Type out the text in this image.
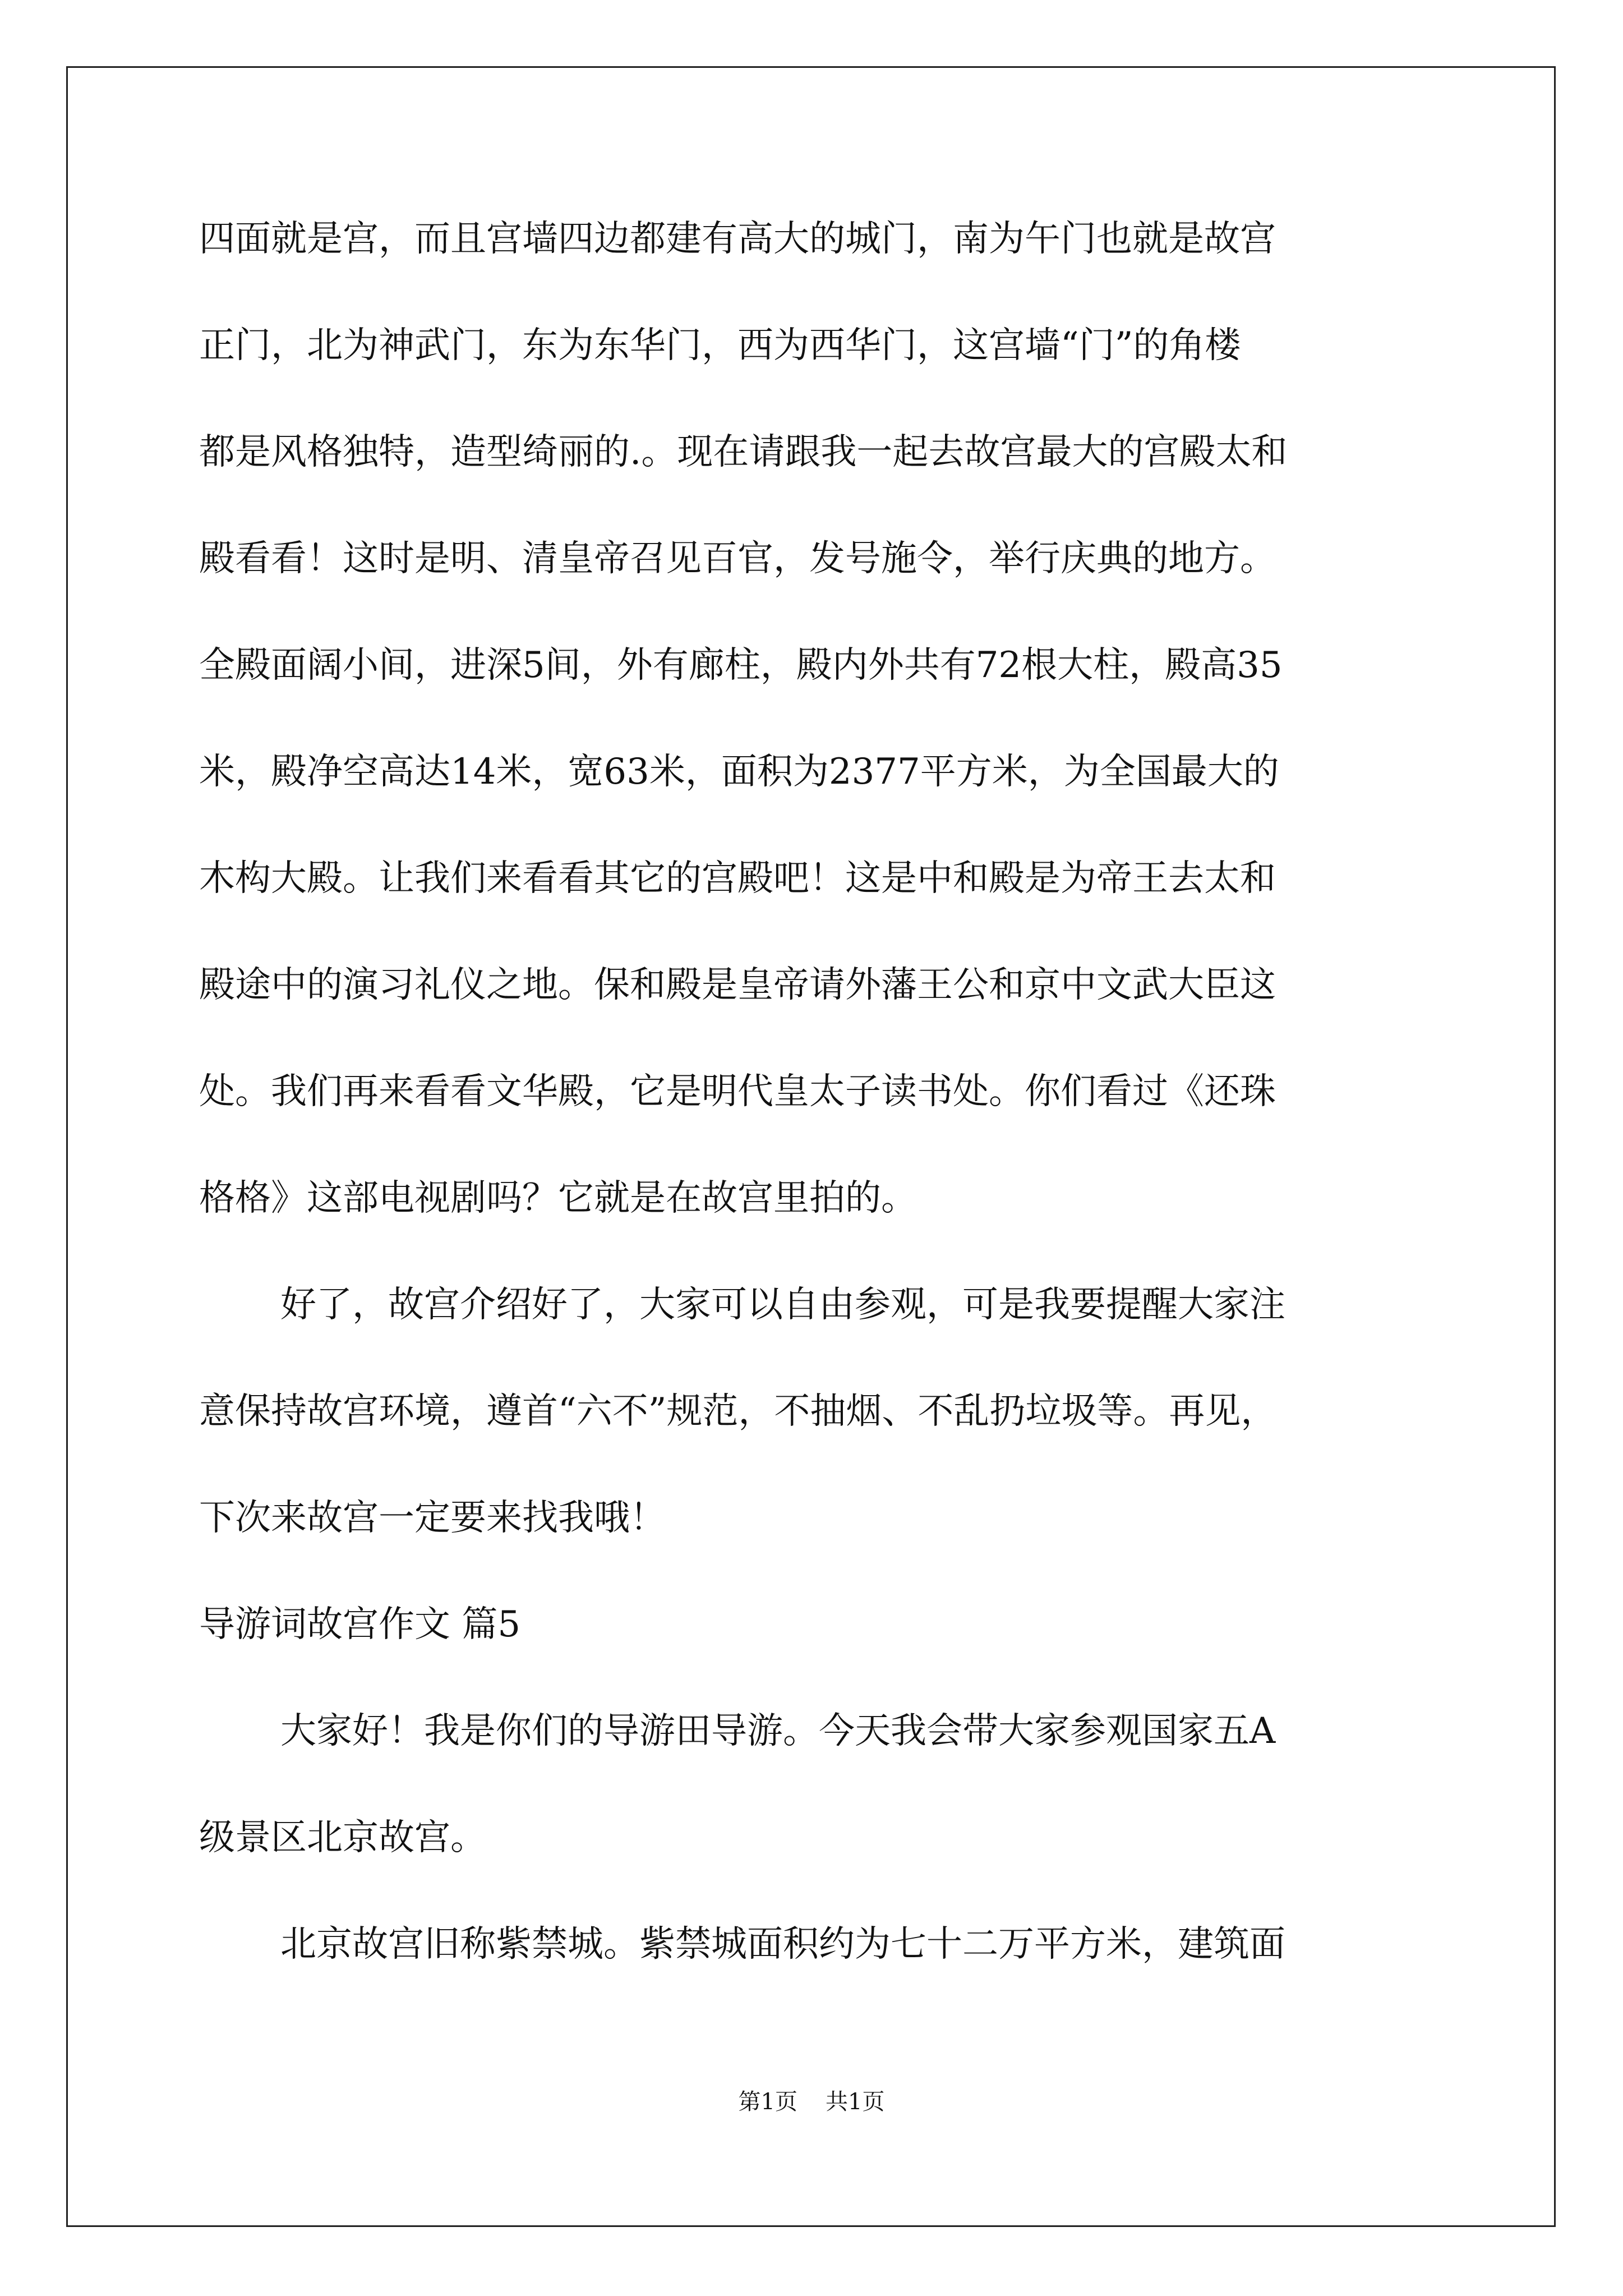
四面就是宫，而且宫墙四边都建有高大的城门，南为午门也就是故宫

正门，北为神武门，东为东华门，西为西华门，这宫墙“门”的角楼

都是风格独特，造型绮丽的.。现在请跟我一起去故宫最大的宫殿太和

殿看看！这时是明、清皇帝召见百官，发号施令，举行庆典的地方。

全殿面阔小间，进深5间，外有廊柱，殿内外共有72根大柱，殿高35

米，殿净空高达14米，宽63米，面积为2377平方米，为全国最大的

木构大殿。让我们来看看其它的宫殿吧！这是中和殿是为帝王去太和

殿途中的演习礼仪之地。保和殿是皇帝请外藩王公和京中文武大臣这

处。我们再来看看文华殿，它是明代皇太子读书处。你们看过《还珠

格格》这部电视剧吗？它就是在故宫里拍的。

好了，故宫介绍好了，大家可以自由参观，可是我要提醒大家注

意保持故宫环境，遵首“六不”规范，不抽烟、不乱扔垃圾等。再见，

下次来故宫一定要来找我哦！

导游词故宫作文 篇5

大家好！我是你们的导游田导游。今天我会带大家参观国家五A

级景区北京故宫。

北京故宫旧称紫禁城。紫禁城面积约为七十二万平方米，建筑面

第1页 共1页
